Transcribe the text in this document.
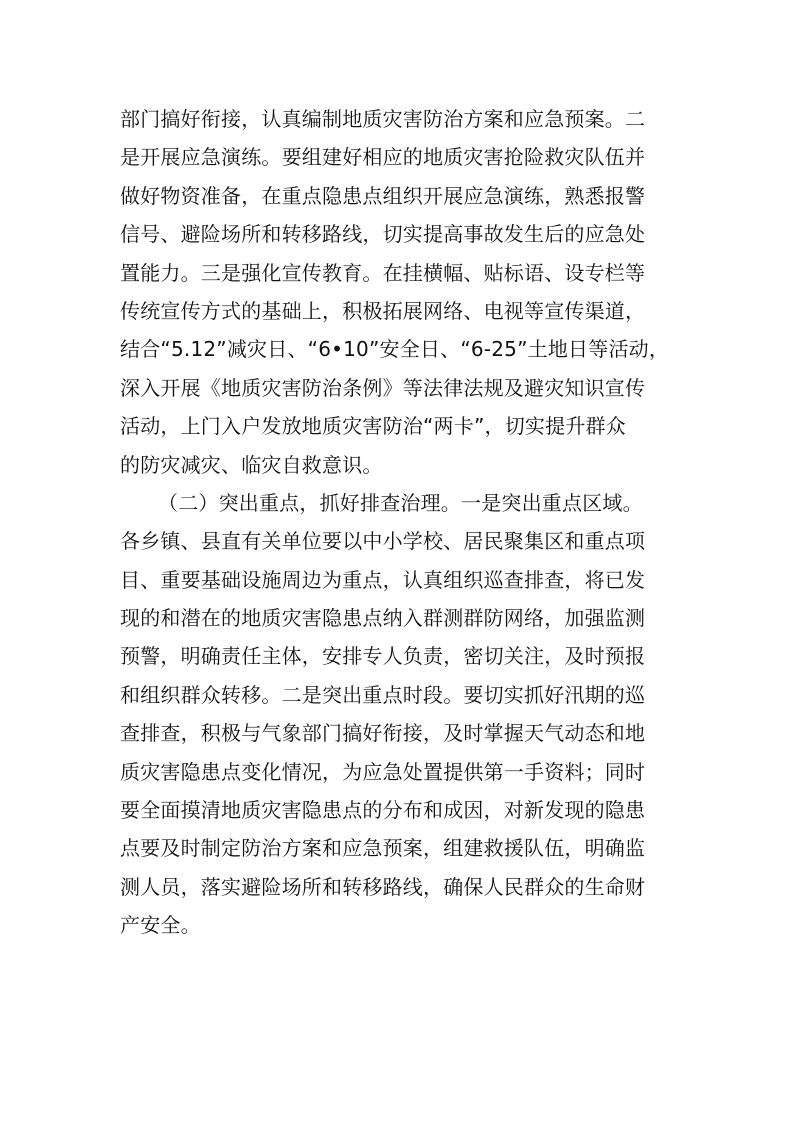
部门搞好衔接，认真编制地质灾害防治方案和应急预案。二
是开展应急演练。要组建好相应的地质灾害抢险救灾队伍并
做好物资准备，在重点隐患点组织开展应急演练，熟悉报警
信号、避险场所和转移路线，切实提高事故发生后的应急处
置能力。三是强化宣传教育。在挂横幅、贴标语、设专栏等
传统宣传方式的基础上，积极拓展网络、电视等宣传渠道，
结合“5.12”减灾日、“6•10”安全日、“6-25”土地日等活动，
深入开展《地质灾害防治条例》等法律法规及避灾知识宣传
活动，上门入户发放地质灾害防治“两卡”，切实提升群众
的防灾减灾、临灾自救意识。
（二）突出重点，抓好排查治理。一是突出重点区域。
各乡镇、县直有关单位要以中小学校、居民聚集区和重点项
目、重要基础设施周边为重点，认真组织巡查排查，将已发
现的和潜在的地质灾害隐患点纳入群测群防网络，加强监测
预警，明确责任主体，安排专人负责，密切关注，及时预报
和组织群众转移。二是突出重点时段。要切实抓好汛期的巡
查排查，积极与气象部门搞好衔接，及时掌握天气动态和地
质灾害隐患点变化情况，为应急处置提供第一手资料；同时
要全面摸清地质灾害隐患点的分布和成因，对新发现的隐患
点要及时制定防治方案和应急预案，组建救援队伍，明确监
测人员，落实避险场所和转移路线，确保人民群众的生命财
产安全。
